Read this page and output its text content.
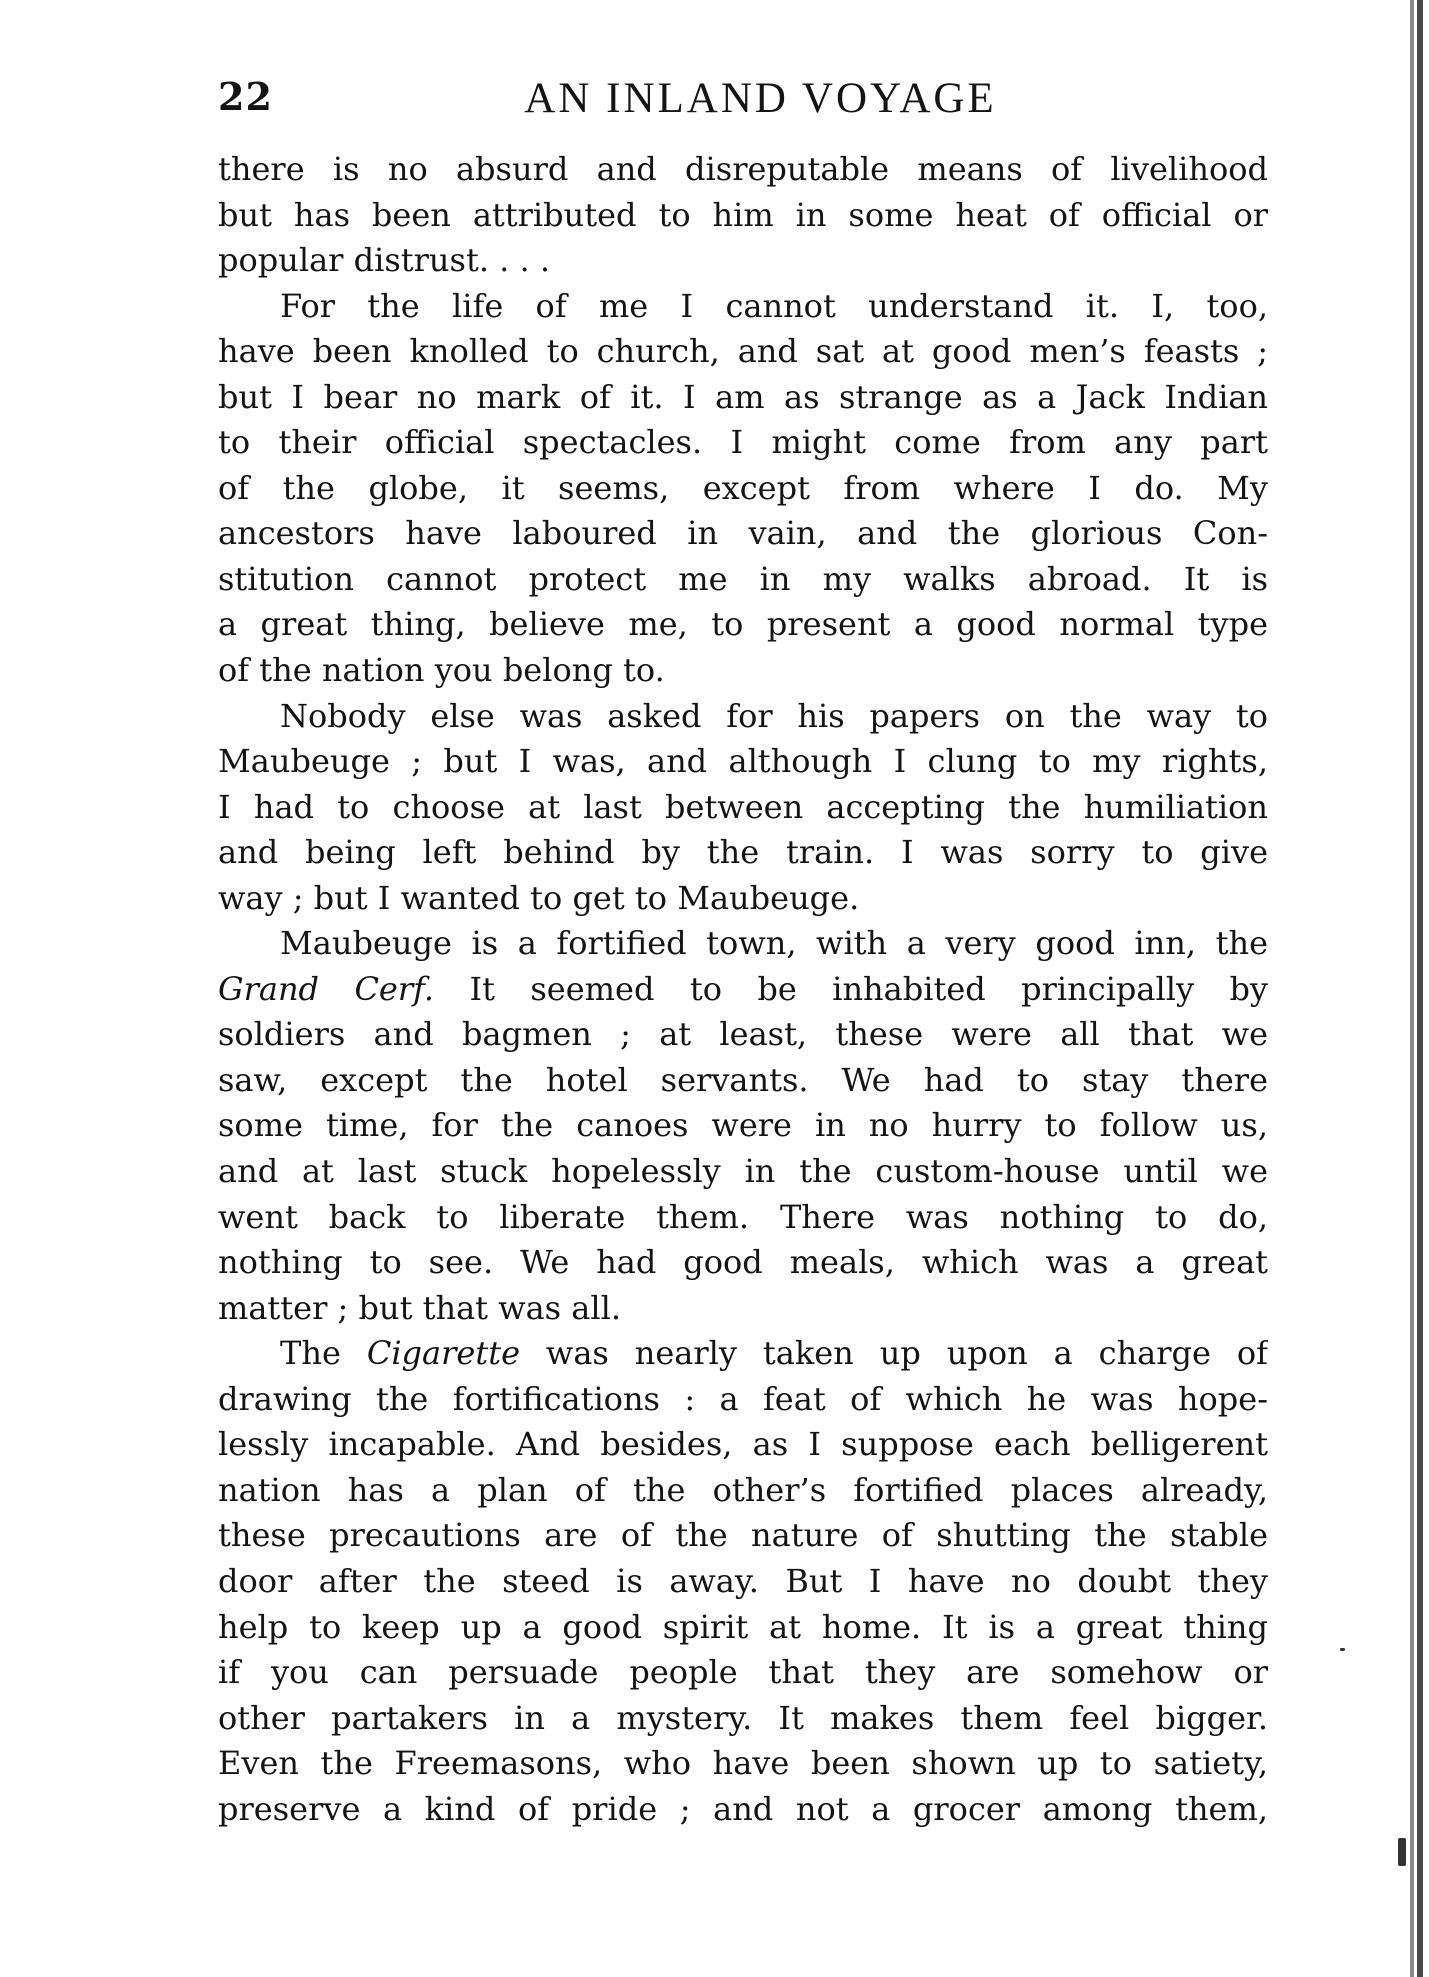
22	AN INLAND VOYAGE
there is no absurd and disreputable means of livelihood
but has been attributed to him in some heat of official or
popular distrust. . . .
For the life of me I cannot understand it. I, too,
have been knolled to church, and sat at good men’s feasts ;
but I bear no mark of it. I am as strange as a Jack Indian
to their official spectacles. I might come from any part
of the globe, it seems, except from where I do. My
ancestors have laboured in vain, and the glorious Con-
stitution cannot protect me in my walks abroad. It is
a great thing, believe me, to present a good normal type
of the nation you belong to.
Nobody else was asked for his papers on the way to
Maubeuge ; but I was, and although I clung to my rights,
I had to choose at last between accepting the humiliation
and being left behind by the train. I was sorry to give
way ; but I wanted to get to Maubeuge.
Maubeuge is a fortified town, with a very good inn, the
Grand Cerf. It seemed to be inhabited principally by
soldiers and bagmen ; at least, these were all that we
saw, except the hotel servants. We had to stay there
some time, for the canoes were in no hurry to follow us,
and at last stuck hopelessly in the custom-house until we
went back to liberate them. There was nothing to do,
nothing to see. We had good meals, which was a great
matter ; but that was all.
The Cigarette was nearly taken up upon a charge of
drawing the fortifications : a feat of which he was hope-
lessly incapable. And besides, as I suppose each belligerent
nation has a plan of the other’s fortified places already,
these precautions are of the nature of shutting the stable
door after the steed is away. But I have no doubt they
help to keep up a good spirit at home. It is a great thing
if you can persuade people that they are somehow or
other partakers in a mystery. It makes them feel bigger.
Even the Freemasons, who have been shown up to satiety,
preserve a kind of pride ; and not a grocer among them,
